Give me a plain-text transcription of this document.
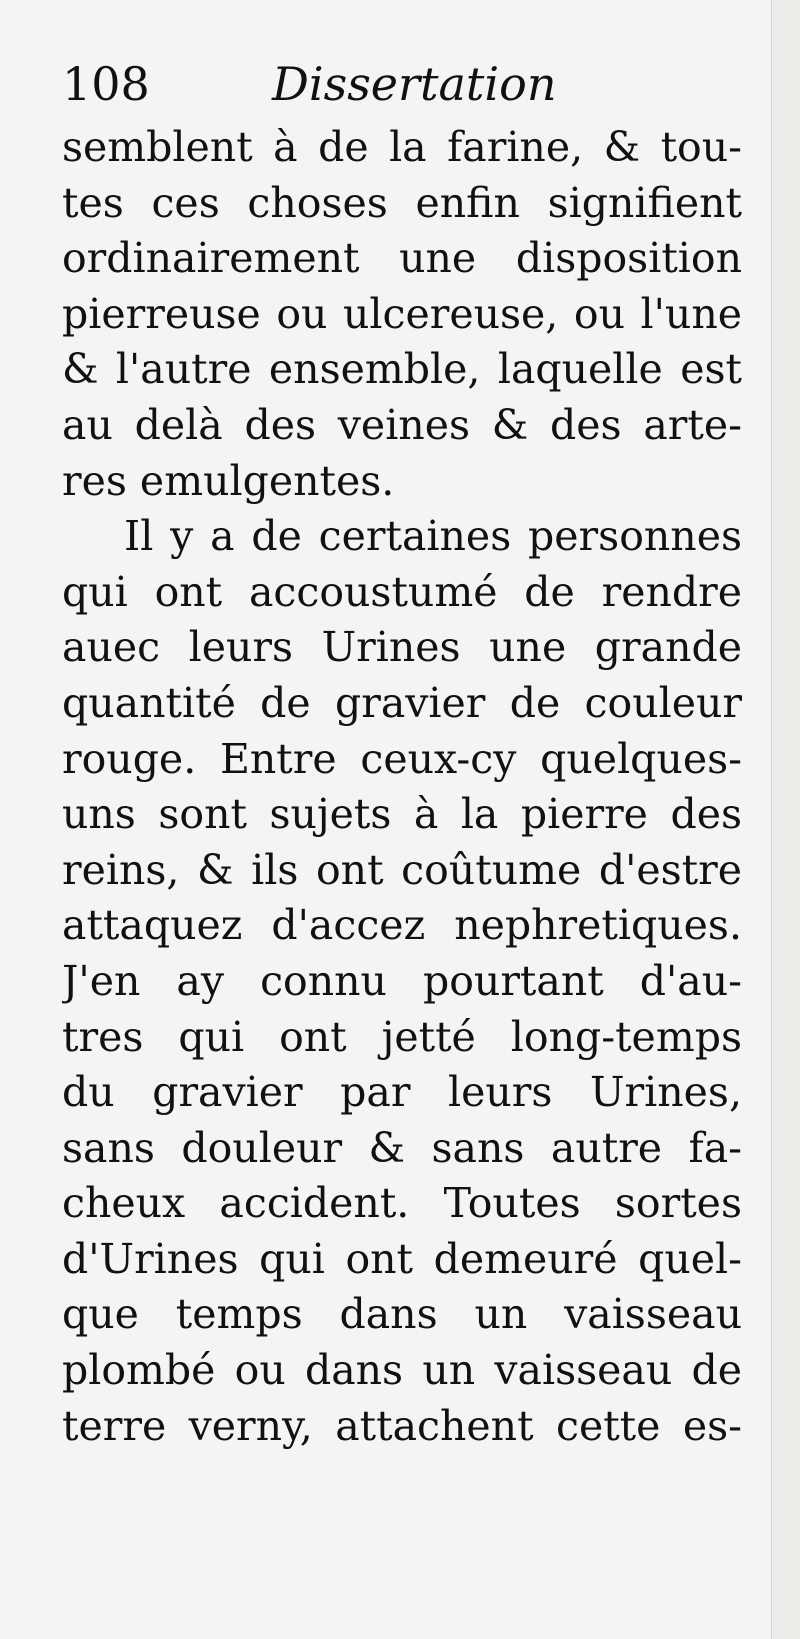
108	Dissertation
semblent à de la farine, & tou-
tes ces choses enfin signifient
ordinairement une disposition
pierreuse ou ulcereuse, ou l'une
& l'autre ensemble, laquelle est
au delà des veines & des arte-
res emulgentes.
Il y a de certaines personnes
qui ont accoustumé de rendre
auec leurs Urines une grande
quantité de gravier de couleur
rouge. Entre ceux-cy quelques-
uns sont sujets à la pierre des
reins, & ils ont coûtume d'estre
attaquez d'accez nephretiques.
J'en ay connu pourtant d'au-
tres qui ont jetté long-temps
du gravier par leurs Urines,
sans douleur & sans autre fa-
cheux accident. Toutes sortes
d'Urines qui ont demeuré quel-
que temps dans un vaisseau
plombé ou dans un vaisseau de
terre verny, attachent cette es-
